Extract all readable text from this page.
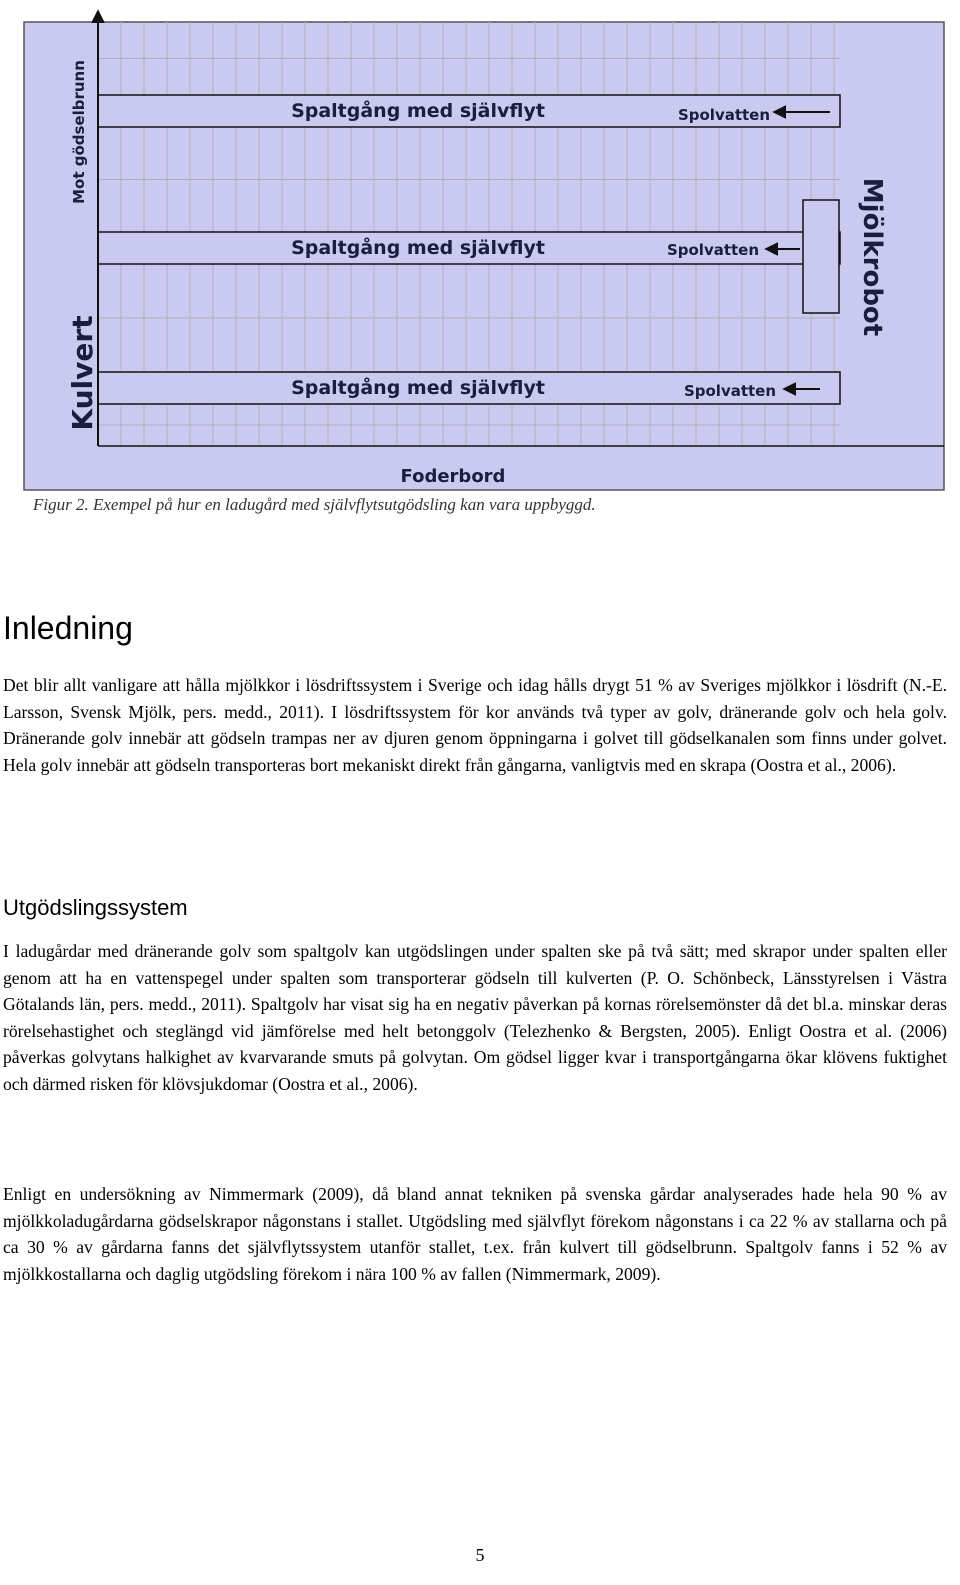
Spaltgång med självflyt
Spaltgång med självflyt
Spaltgång med självflyt
Spolvatten
Spolvatten
Spolvatten
Foderbord
Mot gödselbrunn
Kulvert
Mjölkrobot
Figur 2. Exempel på hur en ladugård med självflytsutgödsling kan vara uppbyggd.
Inledning

Det blir allt vanligare att hålla mjölkkor i lösdriftssystem i Sverige och idag hålls drygt 51 % av Sveriges mjölkkor i lösdrift (N.-E. Larsson, Svensk Mjölk, pers. medd., 2011). I lösdriftssystem för kor används två typer av golv, dränerande golv och hela golv. Dränerande golv innebär att gödseln trampas ner av djuren genom öppningarna i golvet till gödselkanalen som finns under golvet. Hela golv innebär att gödseln transporteras bort mekaniskt direkt från gångarna, vanligtvis med en skrapa (Oostra et al., 2006).

Utgödslingssystem

I ladugårdar med dränerande golv som spaltgolv kan utgödslingen under spalten ske på två sätt; med skrapor under spalten eller genom att ha en vattenspegel under spalten som transporterar gödseln till kulverten (P. O. Schönbeck, Länsstyrelsen i Västra Götalands län, pers. medd., 2011). Spaltgolv har visat sig ha en negativ påverkan på kornas rörelsemönster då det bl.a. minskar deras rörelsehastighet och steglängd vid jämförelse med helt betonggolv (Telezhenko & Bergsten, 2005). Enligt Oostra et al. (2006) påverkas golvytans halkighet av kvarvarande smuts på golvytan. Om gödsel ligger kvar i transportgångarna ökar klövens fuktighet och därmed risken för klövsjukdomar (Oostra et al., 2006).

Enligt en undersökning av Nimmermark (2009), då bland annat tekniken på svenska gårdar analyserades hade hela 90 % av mjölkkoladugårdarna gödselskrapor någonstans i stallet. Utgödsling med självflyt förekom någonstans i ca 22 % av stallarna och på ca 30 % av gårdarna fanns det självflytssystem utanför stallet, t.ex. från kulvert till gödselbrunn. Spaltgolv fanns i 52 % av mjölkkostallarna och daglig utgödsling förekom i nära 100 % av fallen (Nimmermark, 2009).

5
